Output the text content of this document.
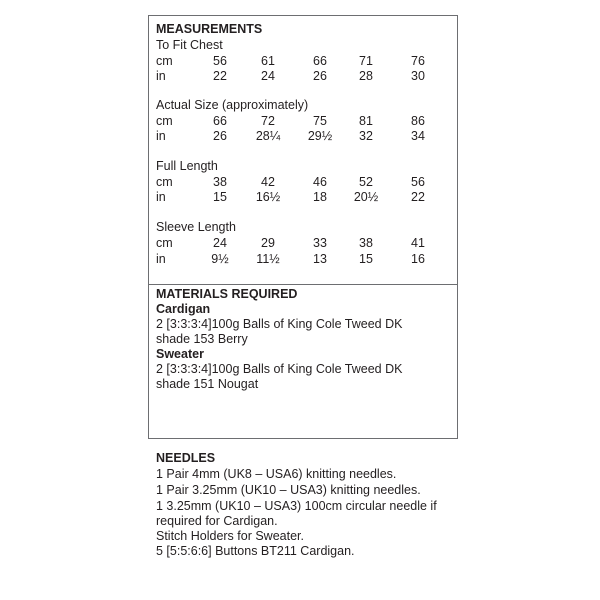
MEASUREMENTS
To Fit Chest
cm	56	61	66	71	76
in	22	24	26	28	30
Actual Size (approximately)
cm	66	72	75	81	86
in	26	28¼	29½	32	34
Full Length
cm	38	42	46	52	56
in	15	16½	18	20½	22
Sleeve Length
cm	24	29	33	38	41
in	9½	11½	13	15	16
MATERIALS REQUIRED
Cardigan
2 [3:3:3:4]100g Balls of King Cole Tweed DK
shade 153 Berry
Sweater
2 [3:3:3:4]100g Balls of King Cole Tweed DK
shade 151 Nougat
NEEDLES
1 Pair 4mm (UK8 – USA6) knitting needles.
1 Pair 3.25mm (UK10 – USA3) knitting needles.
1 3.25mm (UK10 – USA3) 100cm circular needle if
required for Cardigan.
Stitch Holders for Sweater.
5 [5:5:6:6] Buttons BT211 Cardigan.
